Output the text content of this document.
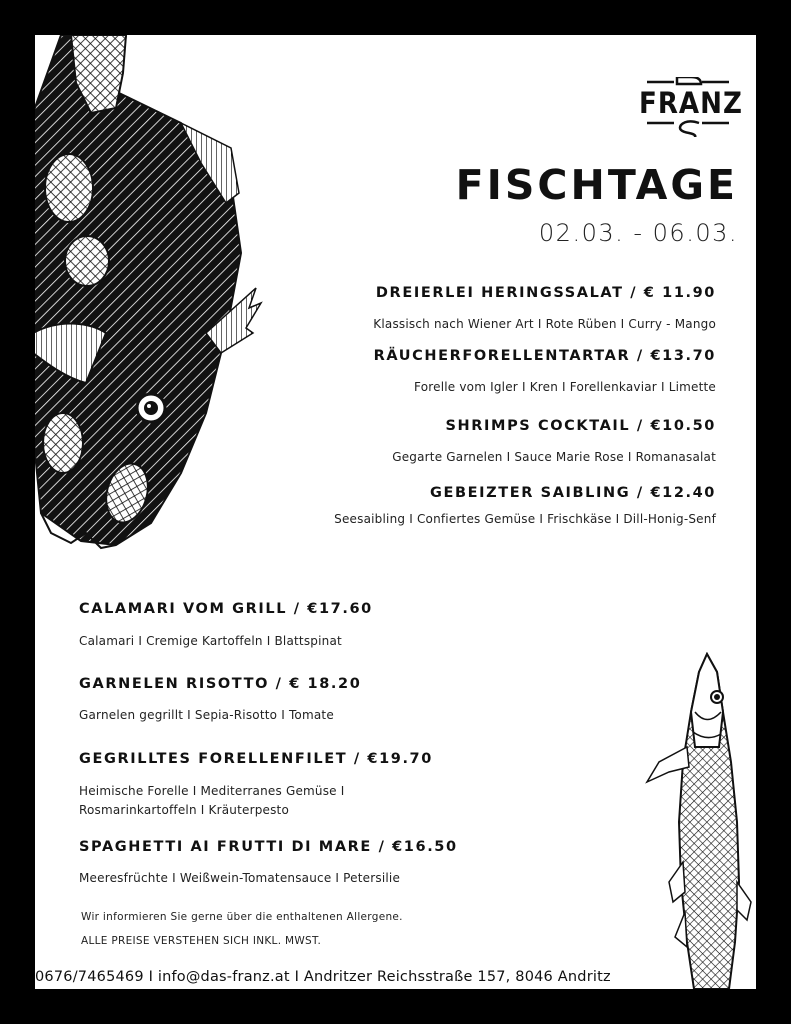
FRANZ
FISCHTAGE
02.03. - 06.03.
DREIERLEI HERINGSSALAT / € 11.90
Klassisch nach Wiener Art I Rote Rüben I Curry - Mango
RÄUCHERFORELLENTARTAR / €13.70
Forelle vom Igler I Kren I Forellenkaviar I Limette
SHRIMPS COCKTAIL / €10.50
Gegarte Garnelen I Sauce Marie Rose I Romanasalat
GEBEIZTER SAIBLING / €12.40
Seesaibling I Confiertes Gemüse I Frischkäse I Dill-Honig-Senf
CALAMARI VOM GRILL / €17.60
Calamari I Cremige Kartoffeln I Blattspinat
GARNELEN RISOTTO / € 18.20
Garnelen gegrillt I Sepia-Risotto I Tomate
GEGRILLTES FORELLENFILET / €19.70
Heimische Forelle I Mediterranes Gemüse I
Rosmarinkartoffeln I Kräuterpesto
SPAGHETTI AI FRUTTI DI MARE / €16.50
Meeresfrüchte I Weißwein-Tomatensauce I Petersilie
Wir informieren Sie gerne über die enthaltenen Allergene.
ALLE PREISE VERSTEHEN SICH INKL. MWST.
0676/7465469 I info@das-franz.at I Andritzer Reichsstraße 157, 8046 Andritz
